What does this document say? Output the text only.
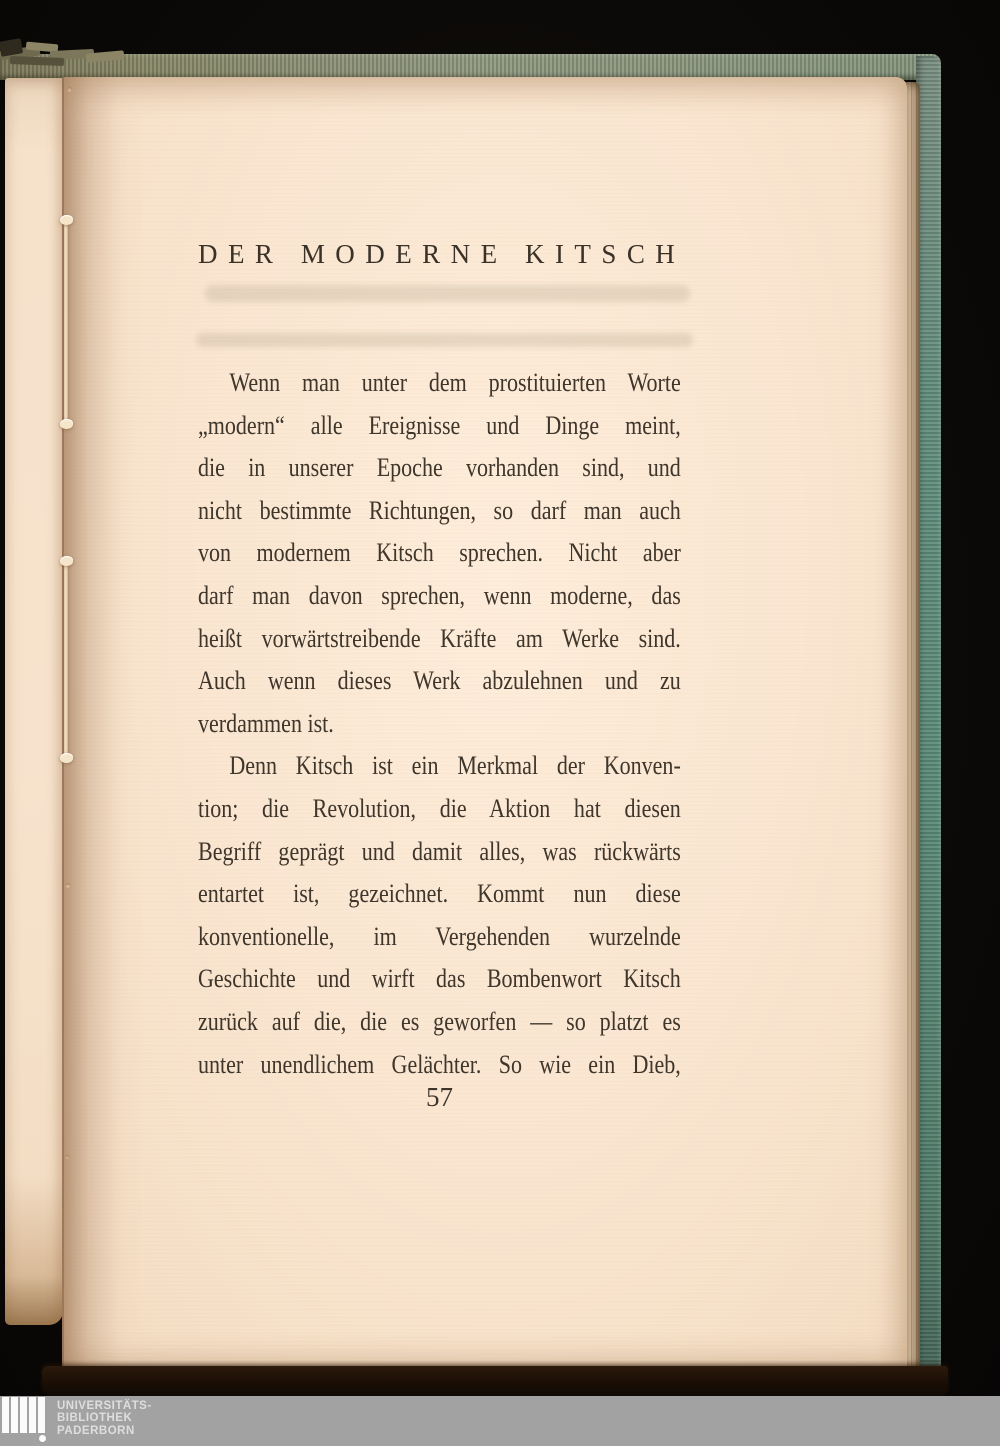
D E R M O D E R N E K I T S C H
Wenn man unter dem prostituierten Worte
„modern“ alle Ereignisse und Dinge meint,
die in unserer Epoche vorhanden sind, und
nicht bestimmte Richtungen, so darf man auch
von modernem Kitsch sprechen. Nicht aber
darf man davon sprechen, wenn moderne, das
heißt vorwärtstreibende Kräfte am Werke sind.
Auch wenn dieses Werk abzulehnen und zu
verdammen ist.
Denn Kitsch ist ein Merkmal der Konven-
tion; die Revolution, die Aktion hat diesen
Begriff geprägt und damit alles, was rückwärts
entartet ist, gezeichnet. Kommt nun diese
konventionelle, im Vergehenden wurzelnde
Geschichte und wirft das Bombenwort Kitsch
zurück auf die, die es geworfen — so platzt es
unter unendlichem Gelächter. So wie ein Dieb,
57
UNIVERSITÄTS-
BIBLIOTHEK
PADERBORN
